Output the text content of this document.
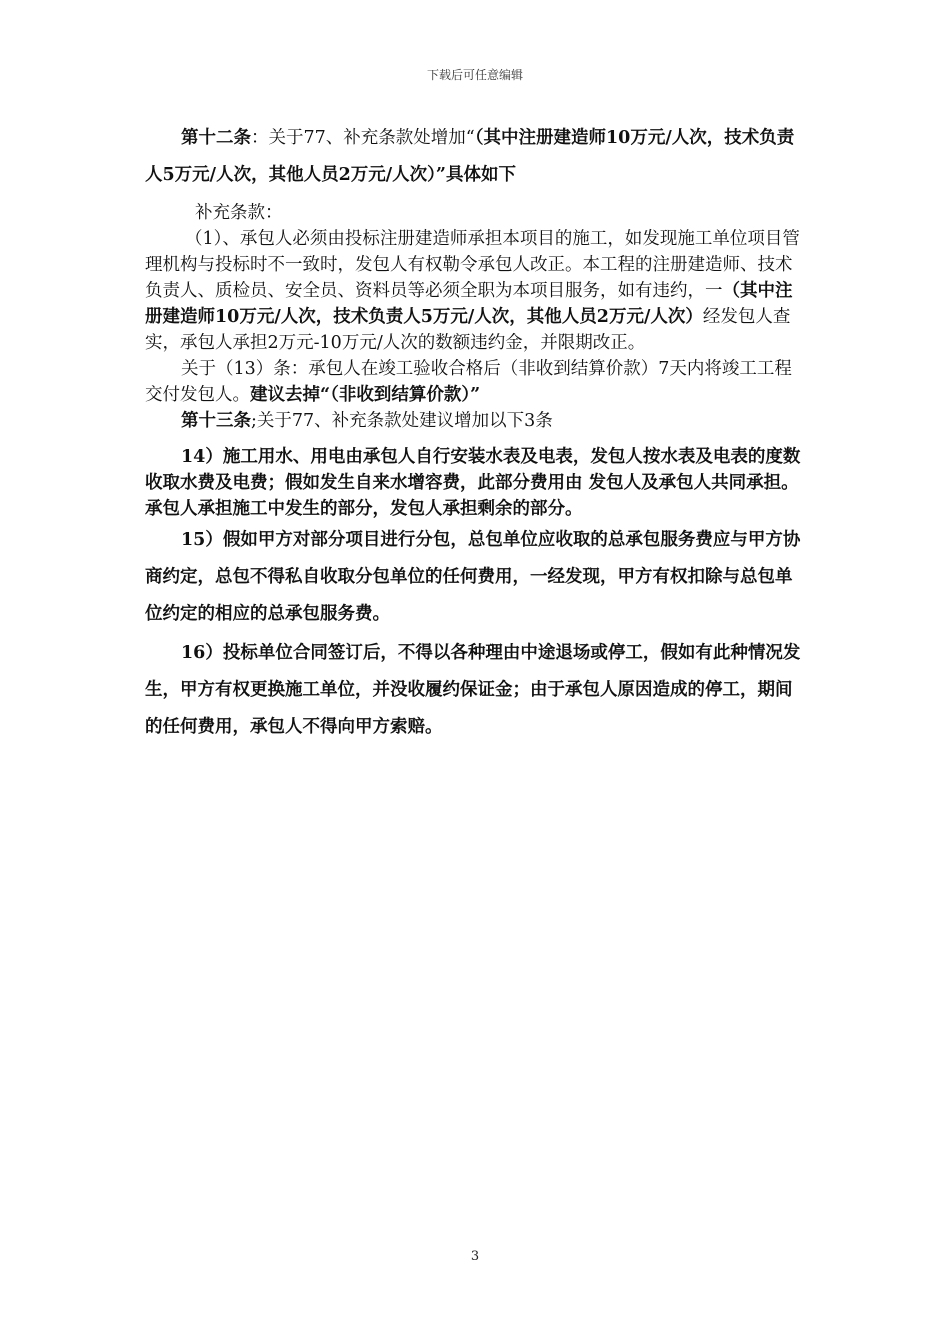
下载后可任意编辑

第十二条：关于77、补充条款处增加“（其中注册建造师10万元/人次，技术负责人5万元/人次，其他人员2万元/人次）”具体如下

补充条款：

（1）、承包人必须由投标注册建造师承担本项目的施工，如发现施工单位项目管理机构与投标时不一致时，发包人有权勒令承包人改正。本工程的注册建造师、技术负责人、质检员、安全员、资料员等必须全职为本项目服务，如有违约，一（其中注册建造师10万元/人次，技术负责人5万元/人次，其他人员2万元/人次）经发包人查实，承包人承担2万元-10万元/人次的数额违约金，并限期改正。

关于（13）条：承包人在竣工验收合格后（非收到结算价款）7天内将竣工工程交付发包人。建议去掉“（非收到结算价款）”

第十三条;关于77、补充条款处建议增加以下3条

14）施工用水、用电由承包人自行安装水表及电表，发包人按水表及电表的度数收取水费及电费；假如发生自来水增容费，此部分费用由 发包人及承包人共同承担。承包人承担施工中发生的部分，发包人承担剩余的部分。

15）假如甲方对部分项目进行分包，总包单位应收取的总承包服务费应与甲方协商约定，总包不得私自收取分包单位的任何费用，一经发现，甲方有权扣除与总包单位约定的相应的总承包服务费。

16）投标单位合同签订后，不得以各种理由中途退场或停工，假如有此种情况发生，甲方有权更换施工单位，并没收履约保证金；由于承包人原因造成的停工，期间的任何费用，承包人不得向甲方索赔。

3
